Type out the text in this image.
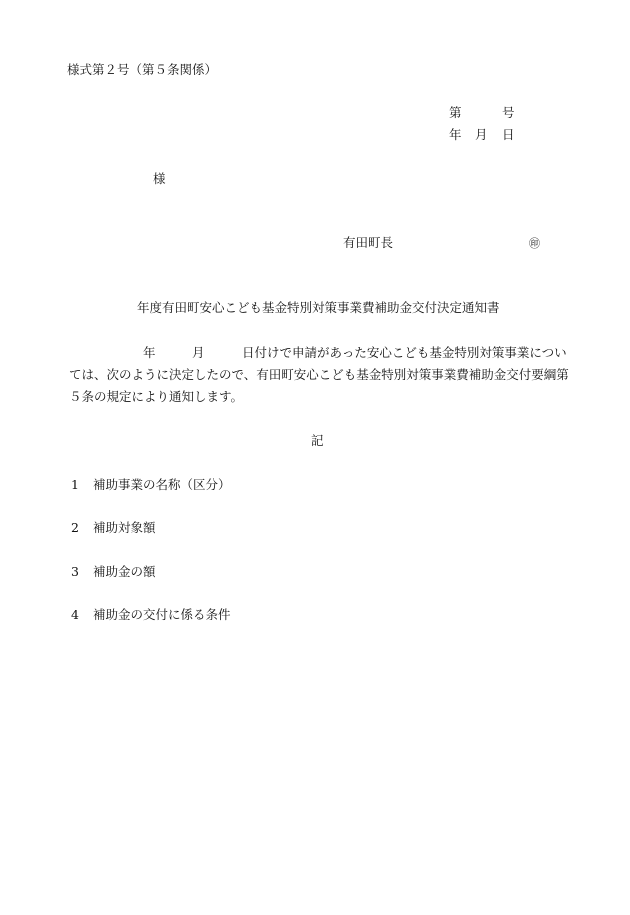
様式第２号（第５条関係）
第	号
年 月 日
様
有田町長	㊞
年度有田町安心こども基金特別対策事業費補助金交付決定通知書
年	月	日付けで申請があった安心こども基金特別対策事業につい
ては、次のように決定したので、有田町安心こども基金特別対策事業費補助金交付要綱第
５条の規定により通知します。
記
1 補助事業の名称（区分）
2 補助対象額
3 補助金の額
4 補助金の交付に係る条件
